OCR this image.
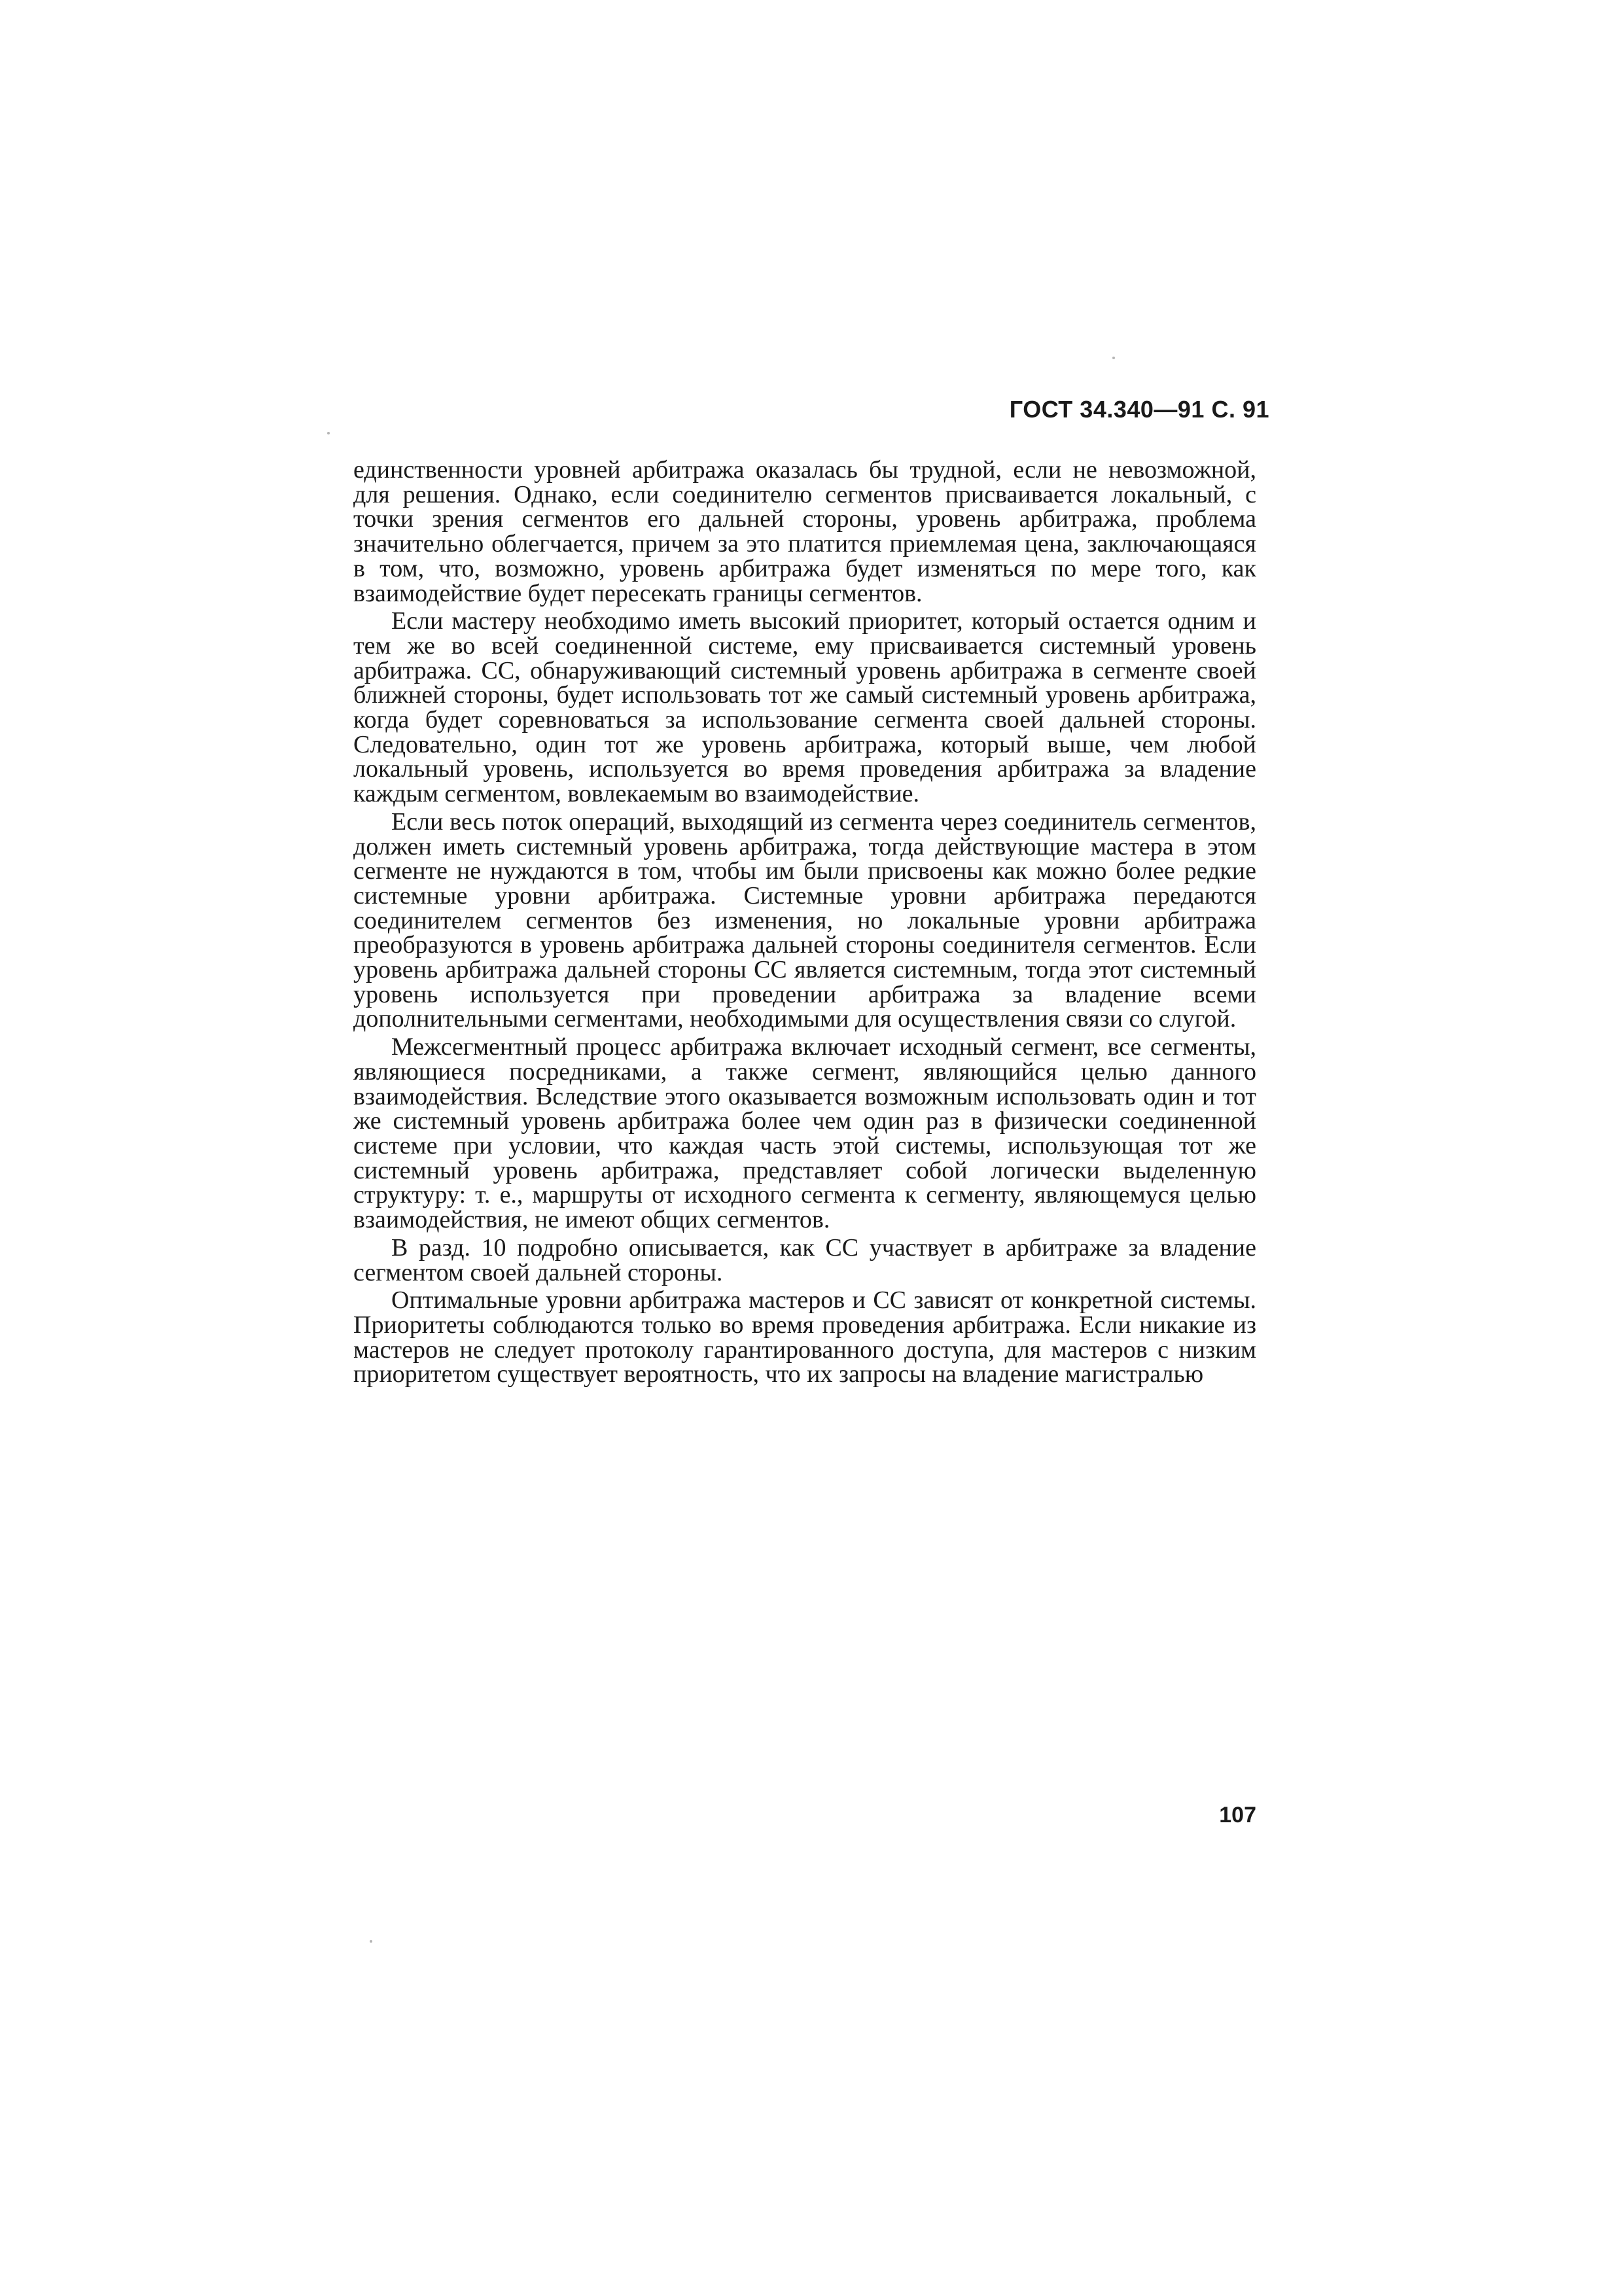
ГОСТ 34.340—91 С. 91

единственности уровней арбитража оказалась бы трудной, если не невозможной, для решения. Однако, если соединителю сегментов присваивается локальный, с точки зрения сегментов его дальней стороны, уровень арбитража, проблема значительно облегчается, причем за это платится приемлемая цена, заключающаяся в том, что, возможно, уровень арбитража будет изменяться по мере того, как взаимодействие будет пересекать границы сегментов.

Если мастеру необходимо иметь высокий приоритет, который остается одним и тем же во всей соединенной системе, ему присваивается системный уровень арбитража. СС, обнаруживающий системный уровень арбитража в сегменте своей ближней стороны, будет использовать тот же самый системный уровень арбитража, когда будет соревноваться за использование сегмента своей дальней стороны. Следовательно, один тот же уровень арбитража, который выше, чем любой локальный уровень, используется во время проведения арбитража за владение каждым сегментом, вовлекаемым во взаимодействие.

Если весь поток операций, выходящий из сегмента через соединитель сегментов, должен иметь системный уровень арбитража, тогда действующие мастера в этом сегменте не нуждаются в том, чтобы им были присвоены как можно более редкие системные уровни арбитража. Системные уровни арбитража передаются соединителем сегментов без изменения, но локальные уровни арбитража преобразуются в уровень арбитража дальней стороны соединителя сегментов. Если уровень арбитража дальней стороны СС является системным, тогда этот системный уровень используется при проведении арбитража за владение всеми дополнительными сегментами, необходимыми для осуществления связи со слугой.

Межсегментный процесс арбитража включает исходный сегмент, все сегменты, являющиеся посредниками, а также сегмент, являющийся целью данного взаимодействия. Вследствие этого оказывается возможным использовать один и тот же системный уровень арбитража более чем один раз в физически соединенной системе при условии, что каждая часть этой системы, использующая тот же системный уровень арбитража, представляет собой логически выделенную структуру: т. е., маршруты от исходного сегмента к сегменту, являющемуся целью взаимодействия, не имеют общих сегментов.

В разд. 10 подробно описывается, как СС участвует в арбитраже за владение сегментом своей дальней стороны.

Оптимальные уровни арбитража мастеров и СС зависят от конкретной системы. Приоритеты соблюдаются только во время проведения арбитража. Если никакие из мастеров не следует протоколу гарантированного доступа, для мастеров с низким приоритетом существует вероятность, что их запросы на владение магистралью

107
